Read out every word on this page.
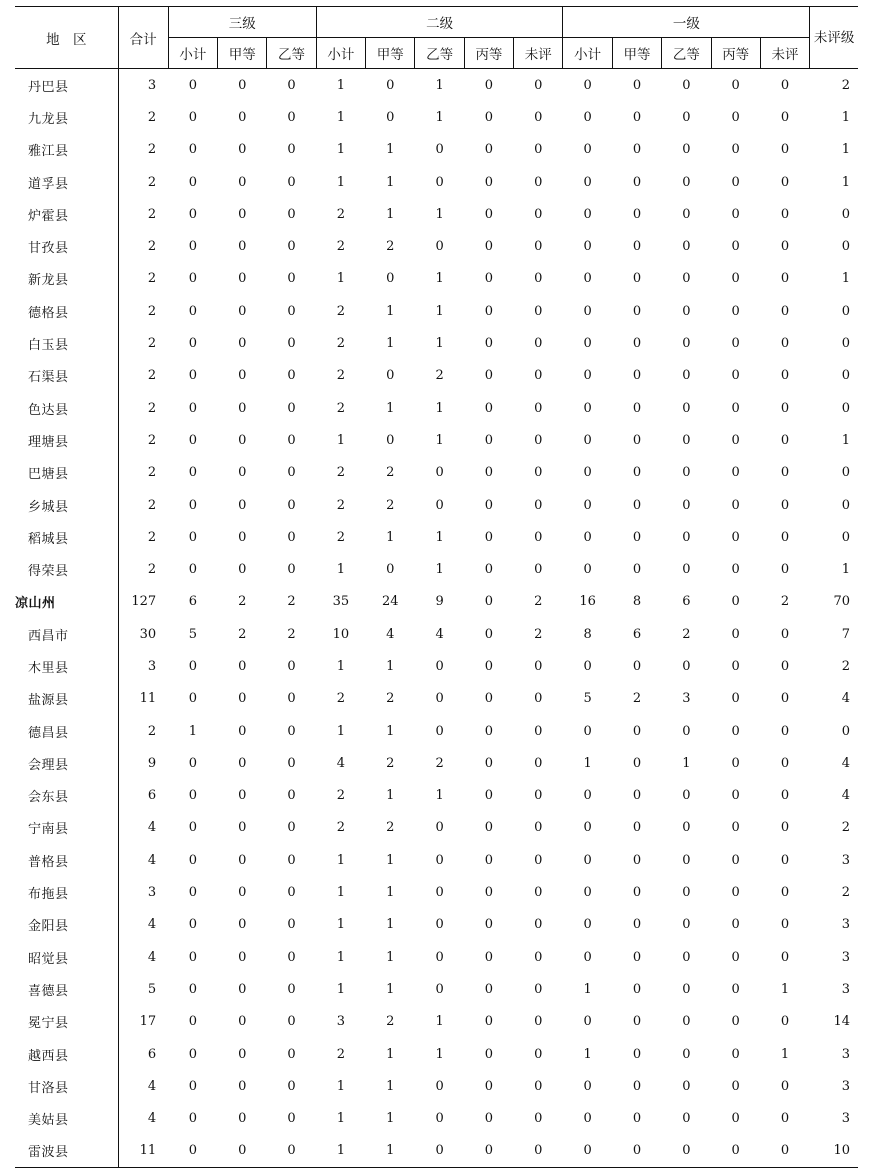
地　区	合计	三级			二级					一级					未评级
		小计	甲等	乙等	小计	甲等	乙等	丙等	未评	小计	甲等	乙等	丙等	未评	
丹巴县	3	0	0	0	1	0	1	0	0	0	0	0	0	0	2
九龙县	2	0	0	0	1	0	1	0	0	0	0	0	0	0	1
雅江县	2	0	0	0	1	1	0	0	0	0	0	0	0	0	1
道孚县	2	0	0	0	1	1	0	0	0	0	0	0	0	0	1
炉霍县	2	0	0	0	2	1	1	0	0	0	0	0	0	0	0
甘孜县	2	0	0	0	2	2	0	0	0	0	0	0	0	0	0
新龙县	2	0	0	0	1	0	1	0	0	0	0	0	0	0	1
德格县	2	0	0	0	2	1	1	0	0	0	0	0	0	0	0
白玉县	2	0	0	0	2	1	1	0	0	0	0	0	0	0	0
石渠县	2	0	0	0	2	0	2	0	0	0	0	0	0	0	0
色达县	2	0	0	0	2	1	1	0	0	0	0	0	0	0	0
理塘县	2	0	0	0	1	0	1	0	0	0	0	0	0	0	1
巴塘县	2	0	0	0	2	2	0	0	0	0	0	0	0	0	0
乡城县	2	0	0	0	2	2	0	0	0	0	0	0	0	0	0
稻城县	2	0	0	0	2	1	1	0	0	0	0	0	0	0	0
得荣县	2	0	0	0	1	0	1	0	0	0	0	0	0	0	1
凉山州	127	6	2	2	35	24	9	0	2	16	8	6	0	2	70
西昌市	30	5	2	2	10	4	4	0	2	8	6	2	0	0	7
木里县	3	0	0	0	1	1	0	0	0	0	0	0	0	0	2
盐源县	11	0	0	0	2	2	0	0	0	5	2	3	0	0	4
德昌县	2	1	0	0	1	1	0	0	0	0	0	0	0	0	0
会理县	9	0	0	0	4	2	2	0	0	1	0	1	0	0	4
会东县	6	0	0	0	2	1	1	0	0	0	0	0	0	0	4
宁南县	4	0	0	0	2	2	0	0	0	0	0	0	0	0	2
普格县	4	0	0	0	1	1	0	0	0	0	0	0	0	0	3
布拖县	3	0	0	0	1	1	0	0	0	0	0	0	0	0	2
金阳县	4	0	0	0	1	1	0	0	0	0	0	0	0	0	3
昭觉县	4	0	0	0	1	1	0	0	0	0	0	0	0	0	3
喜德县	5	0	0	0	1	1	0	0	0	1	0	0	0	1	3
冕宁县	17	0	0	0	3	2	1	0	0	0	0	0	0	0	14
越西县	6	0	0	0	2	1	1	0	0	1	0	0	0	1	3
甘洛县	4	0	0	0	1	1	0	0	0	0	0	0	0	0	3
美姑县	4	0	0	0	1	1	0	0	0	0	0	0	0	0	3
雷波县	11	0	0	0	1	1	0	0	0	0	0	0	0	0	10
